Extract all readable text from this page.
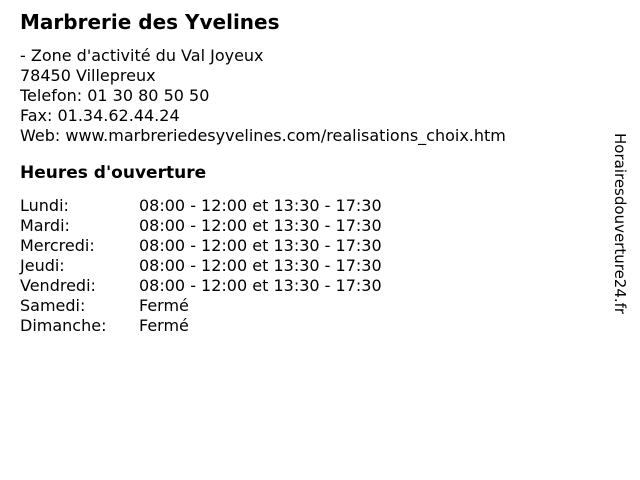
Marbrerie des Yvelines

- Zone d'activité du Val Joyeux

78450 Villepreux

Telefon: 01 30 80 50 50

Fax: 01.34.62.44.24

Web: www.marbreriedesyvelines.com/realisations_choix.htm

Heures d'ouverture
Lundi:	08:00 - 12:00 et 13:30 - 17:30
Mardi:	08:00 - 12:00 et 13:30 - 17:30
Mercredi:	08:00 - 12:00 et 13:30 - 17:30
Jeudi:	08:00 - 12:00 et 13:30 - 17:30
Vendredi:	08:00 - 12:00 et 13:30 - 17:30
Samedi:	Fermé
Dimanche:	Fermé
Horairesdouverture24.fr
